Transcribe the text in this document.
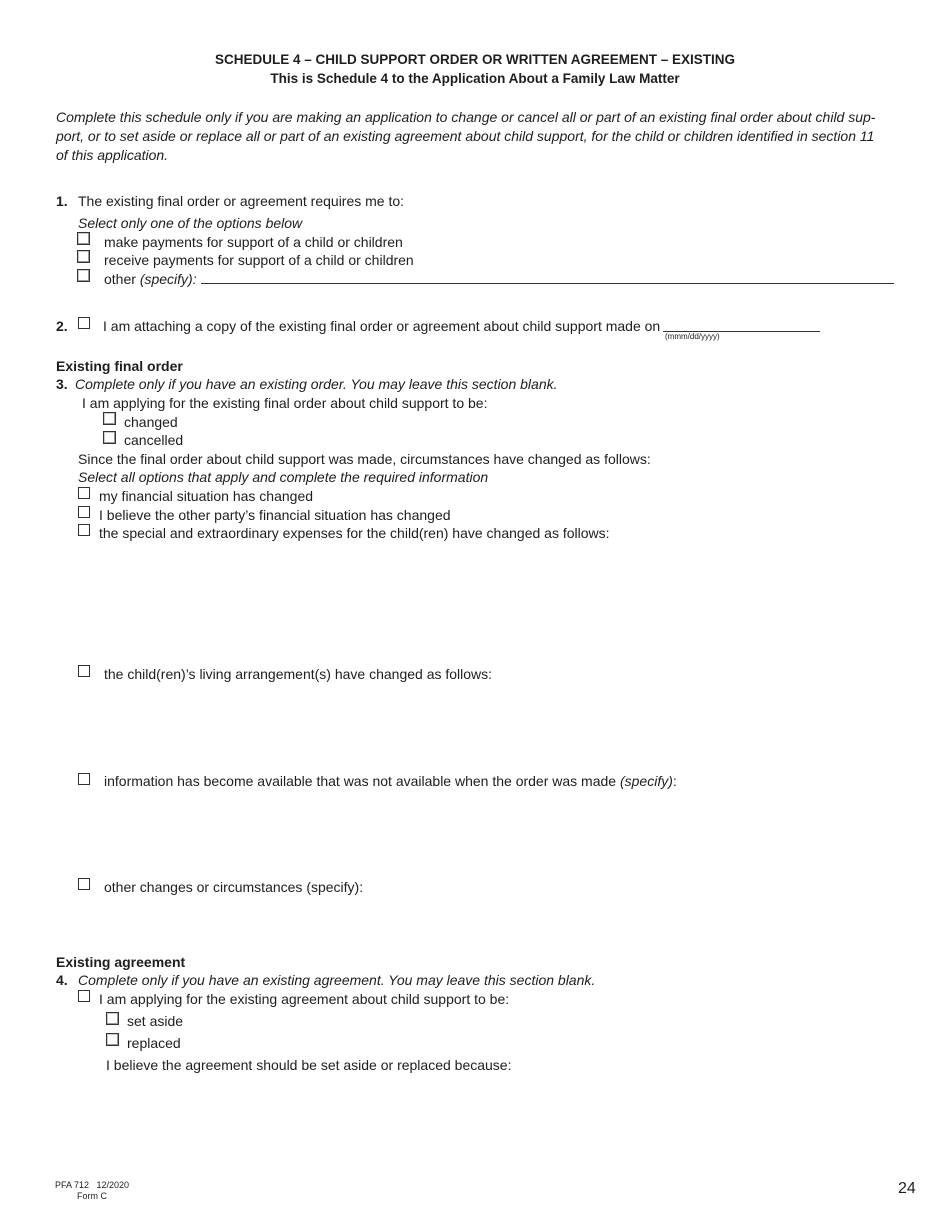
SCHEDULE 4 – CHILD SUPPORT ORDER OR WRITTEN AGREEMENT – EXISTING
This is Schedule 4 to the Application About a Family Law Matter
Complete this schedule only if you are making an application to change or cancel all or part of an existing final order about child sup-
port, or to set aside or replace all or part of an existing agreement about child support, for the child or children identified in section 11
of this application.
1. The existing final order or agreement requires me to:
Select only one of the options below
make payments for support of a child or children
receive payments for support of a child or children
other (specify):
2.	I am attaching a copy of the existing final order or agreement about child support made on
(mmm/dd/yyyy)
Existing final order
3. Complete only if you have an existing order. You may leave this section blank.
I am applying for the existing final order about child support to be:
changed
cancelled
Since the final order about child support was made, circumstances have changed as follows:
Select all options that apply and complete the required information
my financial situation has changed
I believe the other party’s financial situation has changed
the special and extraordinary expenses for the child(ren) have changed as follows:
the child(ren)’s living arrangement(s) have changed as follows:
information has become available that was not available when the order was made (specify):
other changes or circumstances (specify):
Existing agreement
4. Complete only if you have an existing agreement. You may leave this section blank.
I am applying for the existing agreement about child support to be:
set aside
replaced
I believe the agreement should be set aside or replaced because:
PFA 712   12/2020
Form C	24
